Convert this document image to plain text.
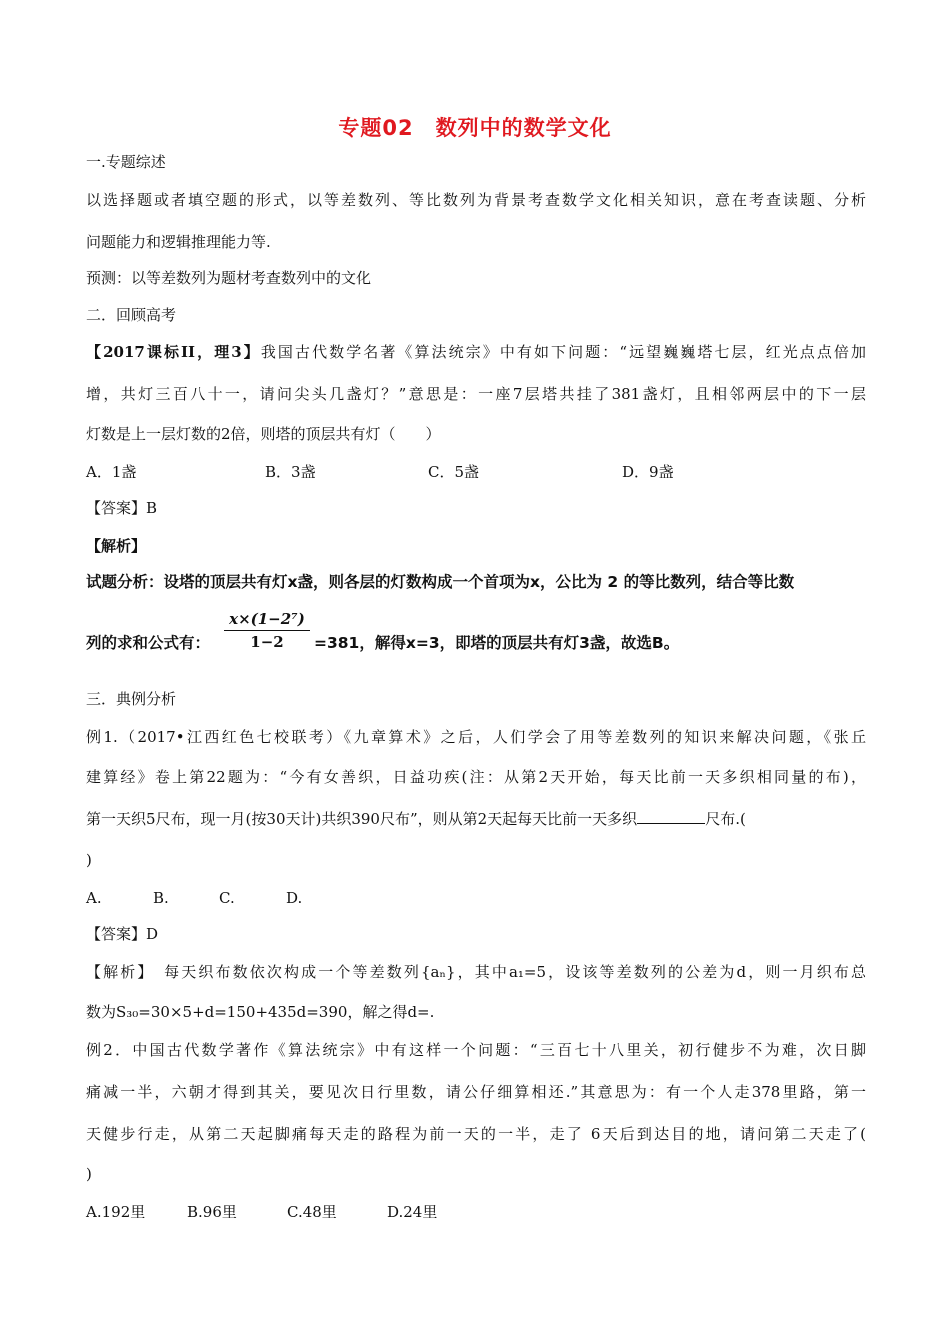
专题02　数列中的数学文化
一.专题综述
以选择题或者填空题的形式，以等差数列、等比数列为背景考查数学文化相关知识，意在考查读题、分析
问题能力和逻辑推理能力等.
预测：以等差数列为题材考查数列中的文化
二．回顾高考
【2017课标II，理3】我国古代数学名著《算法统宗》中有如下问题：“远望巍巍塔七层，红光点点倍加
增，共灯三百八十一，请问尖头几盏灯？”意思是：一座7层塔共挂了381盏灯，且相邻两层中的下一层
灯数是上一层灯数的2倍，则塔的顶层共有灯（　　）
A．1盏	B．3盏	C．5盏	D．9盏
【答案】B
【解析】
试题分析：设塔的顶层共有灯x盏，则各层的灯数构成一个首项为x，公比为 2 的等比数列，结合等比数
列的求和公式有：
x×(1−2⁷)
1−2	=381，解得x=3，即塔的顶层共有灯3盏，故选B。
三．典例分析
例1.（2017•江西红色七校联考）《九章算术》之后，人们学会了用等差数列的知识来解决问题，《张丘
建算经》卷上第22题为：“今有女善织，日益功疾(注：从第2天开始，每天比前一天多织相同量的布)，
第一天织5尺布，现一月(按30天计)共织390尺布”，则从第2天起每天比前一天多织	尺布.(
)
A.	B.	C.	D.
【答案】D
【解析】　每天织布数依次构成一个等差数列{aₙ}，其中a₁=5，设该等差数列的公差为d，则一月织布总
数为S₃₀=30×5+d=150+435d=390，解之得d=.
例2．中国古代数学著作《算法统宗》中有这样一个问题：“三百七十八里关，初行健步不为难，次日脚
痛减一半，六朝才得到其关，要见次日行里数，请公仔细算相还.”其意思为：有一个人走378里路，第一
天健步行走，从第二天起脚痛每天走的路程为前一天的一半，走了 6天后到达目的地，请问第二天走了(
)
A.192里	B.96里	C.48里	D.24里
